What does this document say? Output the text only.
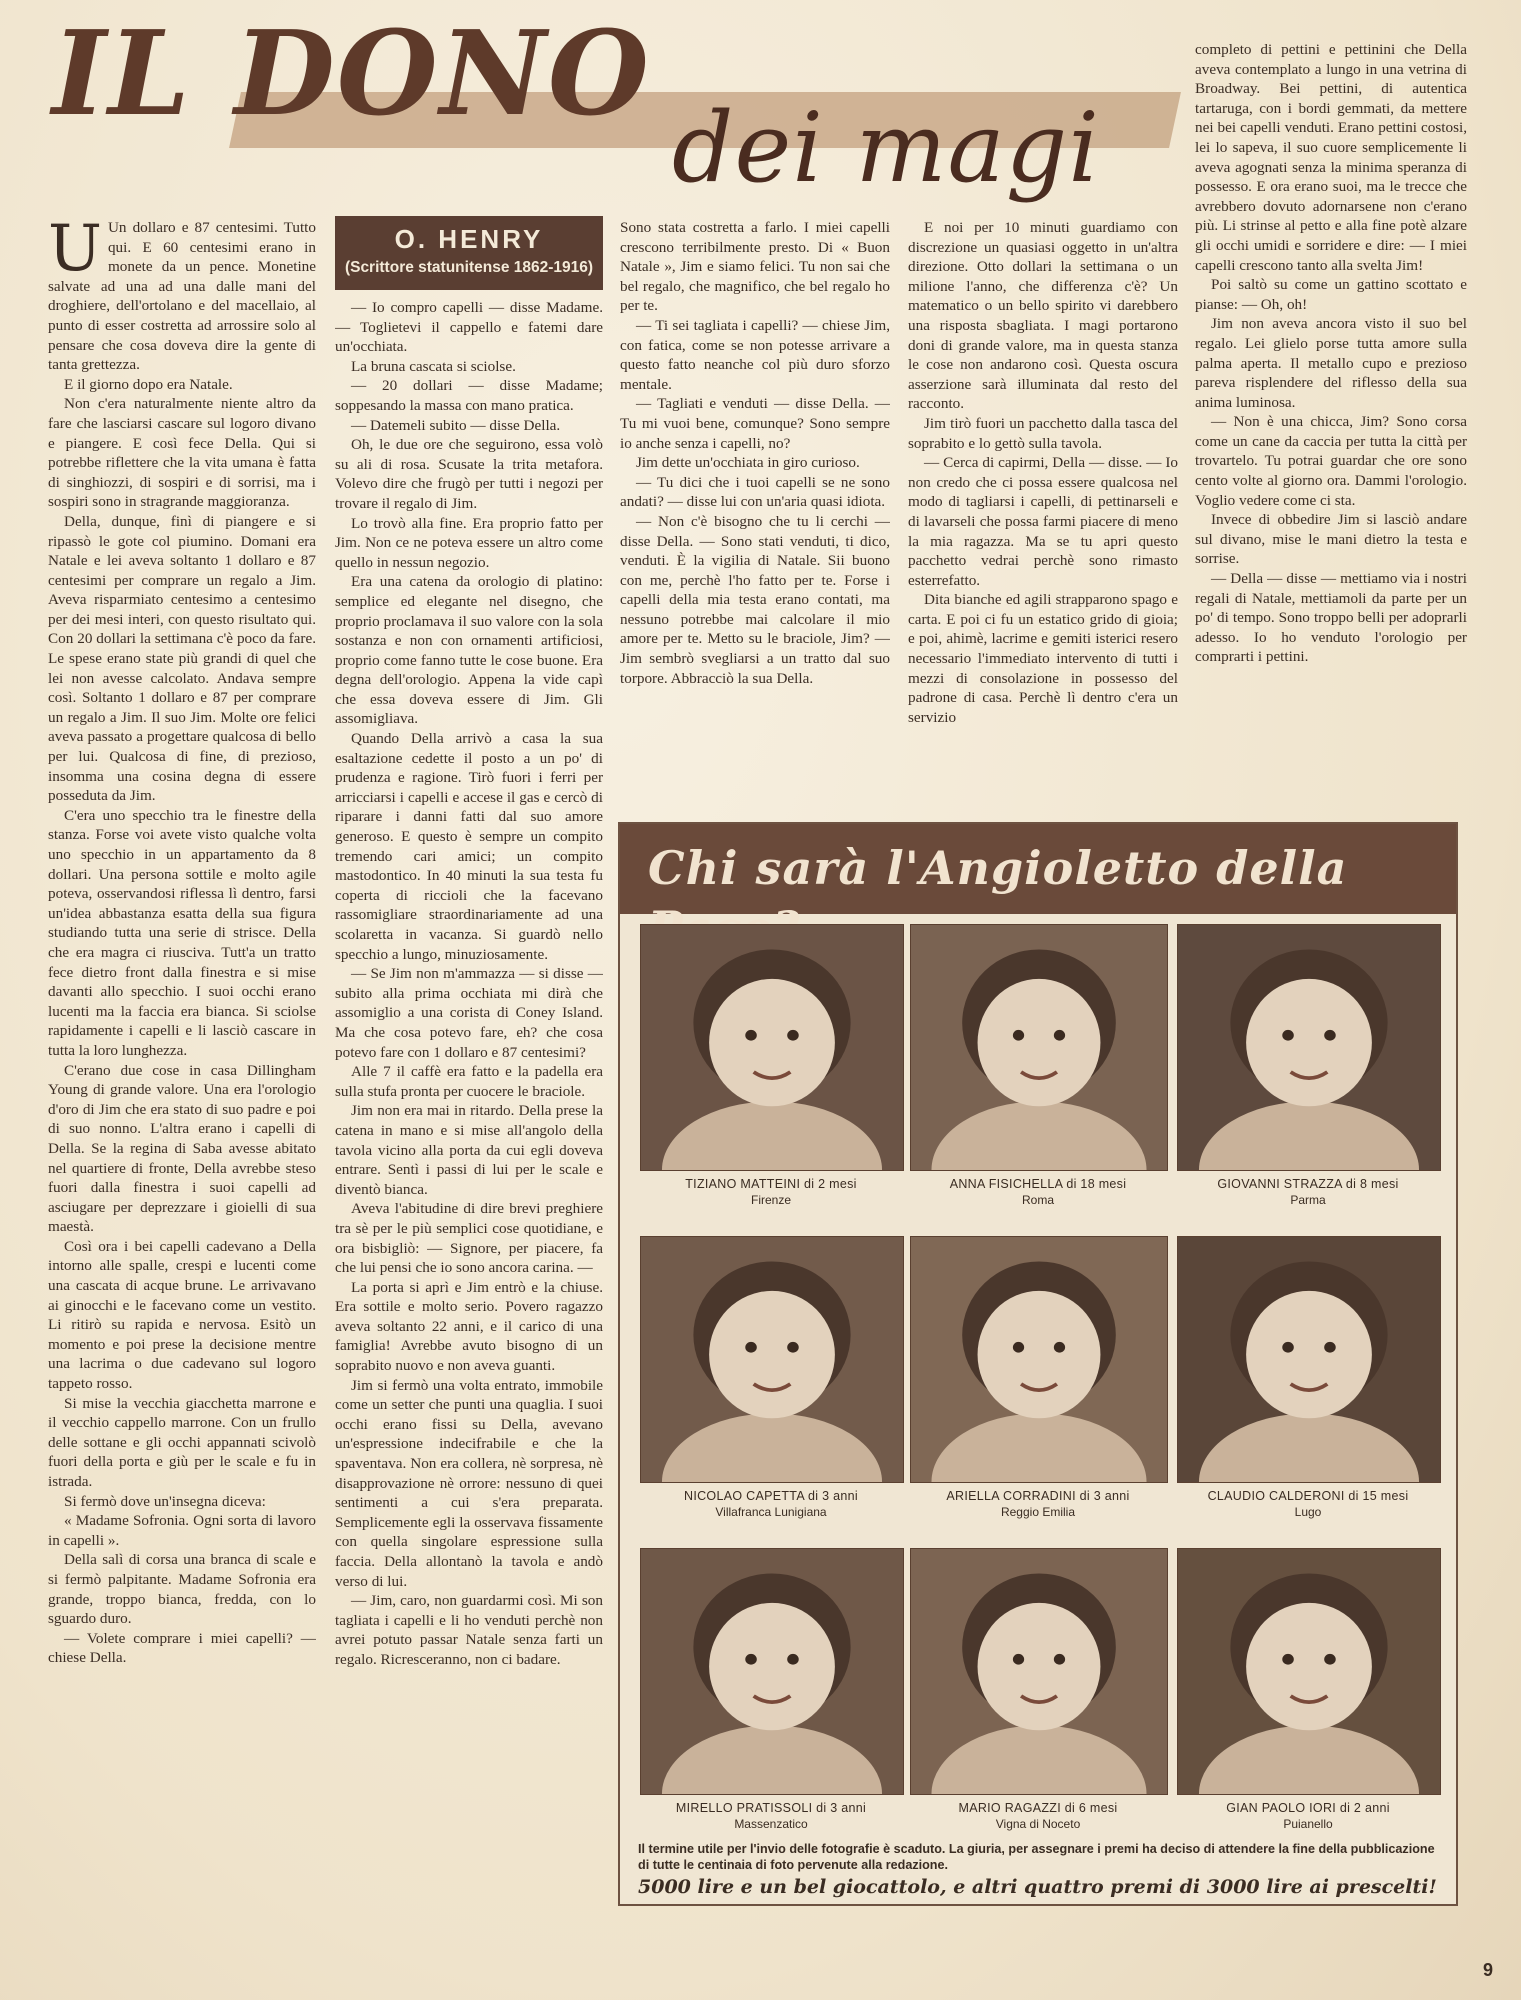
IL DONO
dei magi
O. HENRY
(Scrittore statunitense 1862-1916)

U Un dollaro e 87 centesimi. Tutto qui. E 60 centesimi erano in monete da un pence. Monetine salvate ad una ad una dalle mani del droghiere, dell'ortolano e del macellaio, al punto di esser costretta ad arrossire solo al pensare che cosa doveva dire la gente di tanta grettezza.

E il giorno dopo era Natale.

Non c'era naturalmente niente altro da fare che lasciarsi cascare sul logoro divano e piangere. E così fece Della. Qui si potrebbe riflettere che la vita umana è fatta di singhiozzi, di sospiri e di sorrisi, ma i sospiri sono in stragrande maggioranza.

Della, dunque, finì di piangere e si ripassò le gote col piumino. Domani era Natale e lei aveva soltanto 1 dollaro e 87 centesimi per comprare un regalo a Jim. Aveva risparmiato centesimo a centesimo per dei mesi interi, con questo risultato qui. Con 20 dollari la settimana c'è poco da fare. Le spese erano state più grandi di quel che lei non avesse calcolato. Andava sempre così. Soltanto 1 dollaro e 87 per comprare un regalo a Jim. Il suo Jim. Molte ore felici aveva passato a progettare qualcosa di bello per lui. Qualcosa di fine, di prezioso, insomma una cosina degna di essere posseduta da Jim.

C'era uno specchio tra le finestre della stanza. Forse voi avete visto qualche volta uno specchio in un appartamento da 8 dollari. Una persona sottile e molto agile poteva, osservandosi riflessa lì dentro, farsi un'idea abbastanza esatta della sua figura studiando tutta una serie di strisce. Della che era magra ci riusciva. Tutt'a un tratto fece dietro front dalla finestra e si mise davanti allo specchio. I suoi occhi erano lucenti ma la faccia era bianca. Si sciolse rapidamente i capelli e li lasciò cascare in tutta la loro lunghezza.

C'erano due cose in casa Dillingham Young di grande valore. Una era l'orologio d'oro di Jim che era stato di suo padre e poi di suo nonno. L'altra erano i capelli di Della. Se la regina di Saba avesse abitato nel quartiere di fronte, Della avrebbe steso fuori dalla finestra i suoi capelli ad asciugare per deprezzare i gioielli di sua maestà.

Così ora i bei capelli cadevano a Della intorno alle spalle, crespi e lucenti come una cascata di acque brune. Le arrivavano ai ginocchi e le facevano come un vestito. Li ritirò su rapida e nervosa. Esitò un momento e poi prese la decisione mentre una lacrima o due cadevano sul logoro tappeto rosso.

Si mise la vecchia giacchetta marrone e il vecchio cappello marrone. Con un frullo delle sottane e gli occhi appannati scivolò fuori della porta e giù per le scale e fu in istrada.

Si fermò dove un'insegna diceva:

« Madame Sofronia. Ogni sorta di lavoro in capelli ».

Della salì di corsa una branca di scale e si fermò palpitante. Madame Sofronia era grande, troppo bianca, fredda, con lo sguardo duro.

— Volete comprare i miei capelli? — chiese Della.

— Io compro capelli — disse Madame. — Toglietevi il cappello e fatemi dare un'occhiata.

La bruna cascata si sciolse.

— 20 dollari — disse Madame; soppesando la massa con mano pratica.

— Datemeli subito — disse Della.

Oh, le due ore che seguirono, essa volò su ali di rosa. Scusate la trita metafora. Volevo dire che frugò per tutti i negozi per trovare il regalo di Jim.

Lo trovò alla fine. Era proprio fatto per Jim. Non ce ne poteva essere un altro come quello in nessun negozio.

Era una catena da orologio di platino: semplice ed elegante nel disegno, che proprio proclamava il suo valore con la sola sostanza e non con ornamenti artificiosi, proprio come fanno tutte le cose buone. Era degna dell'orologio. Appena la vide capì che essa doveva essere di Jim. Gli assomigliava.

Quando Della arrivò a casa la sua esaltazione cedette il posto a un po' di prudenza e ragione. Tirò fuori i ferri per arricciarsi i capelli e accese il gas e cercò di riparare i danni fatti dal suo amore generoso. E questo è sempre un compito tremendo cari amici; un compito mastodontico. In 40 minuti la sua testa fu coperta di riccioli che la facevano rassomigliare straordinariamente ad una scolaretta in vacanza. Si guardò nello specchio a lungo, minuziosamente.

— Se Jim non m'ammazza — si disse — subito alla prima occhiata mi dirà che assomiglio a una corista di Coney Island. Ma che cosa potevo fare, eh? che cosa potevo fare con 1 dollaro e 87 centesimi?

Alle 7 il caffè era fatto e la padella era sulla stufa pronta per cuocere le braciole.

Jim non era mai in ritardo. Della prese la catena in mano e si mise all'angolo della tavola vicino alla porta da cui egli doveva entrare. Sentì i passi di lui per le scale e diventò bianca.

Aveva l'abitudine di dire brevi preghiere tra sè per le più semplici cose quotidiane, e ora bisbigliò: — Signore, per piacere, fa che lui pensi che io sono ancora carina. —

La porta si aprì e Jim entrò e la chiuse. Era sottile e molto serio. Povero ragazzo aveva soltanto 22 anni, e il carico di una famiglia! Avrebbe avuto bisogno di un soprabito nuovo e non aveva guanti.

Jim si fermò una volta entrato, immobile come un setter che punti una quaglia. I suoi occhi erano fissi su Della, avevano un'espressione indecifrabile e che la spaventava. Non era collera, nè sorpresa, nè disapprovazione nè orrore: nessuno di quei sentimenti a cui s'era preparata. Semplicemente egli la osservava fissamente con quella singolare espressione sulla faccia. Della allontanò la tavola e andò verso di lui.

— Jim, caro, non guardarmi così. Mi son tagliata i capelli e li ho venduti perchè non avrei potuto passar Natale senza farti un regalo. Ricresceranno, non ci badare.

Sono stata costretta a farlo. I miei capelli crescono terribilmente presto. Di « Buon Natale », Jim e siamo felici. Tu non sai che bel regalo, che magnifico, che bel regalo ho per te.

— Ti sei tagliata i capelli? — chiese Jim, con fatica, come se non potesse arrivare a questo fatto neanche col più duro sforzo mentale.

— Tagliati e venduti — disse Della. — Tu mi vuoi bene, comunque? Sono sempre io anche senza i capelli, no?

Jim dette un'occhiata in giro curioso.

— Tu dici che i tuoi capelli se ne sono andati? — disse lui con un'aria quasi idiota.

— Non c'è bisogno che tu li cerchi — disse Della. — Sono stati venduti, ti dico, venduti. È la vigilia di Natale. Sii buono con me, perchè l'ho fatto per te. Forse i capelli della mia testa erano contati, ma nessuno potrebbe mai calcolare il mio amore per te. Metto su le braciole, Jim? — Jim sembrò svegliarsi a un tratto dal suo torpore. Abbracciò la sua Della.

E noi per 10 minuti guardiamo con discrezione un quasiasi oggetto in un'altra direzione. Otto dollari la settimana o un milione l'anno, che differenza c'è? Un matematico o un bello spirito vi darebbero una risposta sbagliata. I magi portarono doni di grande valore, ma in questa stanza le cose non andarono così. Questa oscura asserzione sarà illuminata dal resto del racconto.

Jim tirò fuori un pacchetto dalla tasca del soprabito e lo gettò sulla tavola.

— Cerca di capirmi, Della — disse. — Io non credo che ci possa essere qualcosa nel modo di tagliarsi i capelli, di pettinarseli e di lavarseli che possa farmi piacere di meno la mia ragazza. Ma se tu apri questo pacchetto vedrai perchè sono rimasto esterrefatto.

Dita bianche ed agili strapparono spago e carta. E poi ci fu un estatico grido di gioia; e poi, ahimè, lacrime e gemiti isterici resero necessario l'immediato intervento di tutti i mezzi di consolazione in possesso del padrone di casa. Perchè lì dentro c'era un servizio

completo di pettini e pettinini che Della aveva contemplato a lungo in una vetrina di Broadway. Bei pettini, di autentica tartaruga, con i bordi gemmati, da mettere nei bei capelli venduti. Erano pettini costosi, lei lo sapeva, il suo cuore semplicemente li aveva agognati senza la minima speranza di possesso. E ora erano suoi, ma le trecce che avrebbero dovuto adornarsene non c'erano più. Li strinse al petto e alla fine potè alzare gli occhi umidi e sorridere e dire: — I miei capelli crescono tanto alla svelta Jim!

Poi saltò su come un gattino scottato e pianse: — Oh, oh!

Jim non aveva ancora visto il suo bel regalo. Lei glielo porse tutta amore sulla palma aperta. Il metallo cupo e prezioso pareva risplendere del riflesso della sua anima luminosa.

— Non è una chicca, Jim? Sono corsa come un cane da caccia per tutta la città per trovartelo. Tu potrai guardar che ore sono cento volte al giorno ora. Dammi l'orologio. Voglio vedere come ci sta.

Invece di obbedire Jim si lasciò andare sul divano, mise le mani dietro la testa e sorrise.

— Della — disse — mettiamo via i nostri regali di Natale, mettiamoli da parte per un po' di tempo. Sono troppo belli per adoprarli adesso. Io ho venduto l'orologio per comprarti i pettini.

Chi sarà l'Angioletto della
TIZIANO MATTEINI di 2 mesi
Firenze
ANNA FISICHELLA di 18 mesi
Roma
GIOVANNI STRAZZA di 8 mesi
Parma
NICOLAO CAPETTA di 3 anni
Villafranca Lunigiana
ARIELLA CORRADINI di 3 anni
Reggio Emilia
CLAUDIO CALDERONI di 15 mesi
Lugo
MIRELLO PRATISSOLI di 3 anni
Massenzatico
MARIO RAGAZZI di 6 mesi
Vigna di Noceto
GIAN PAOLO IORI di 2 anni
Puianello
Il termine utile per l'invio delle fotografie è scaduto. La giuria, per assegnare i premi ha deciso di attendere la fine della pubblicazione di tutte le centinaia di foto pervenute alla redazione.
5000 lire e un bel giocattolo, e altri quattro premi di 3000 lire ai prescelti!
9
